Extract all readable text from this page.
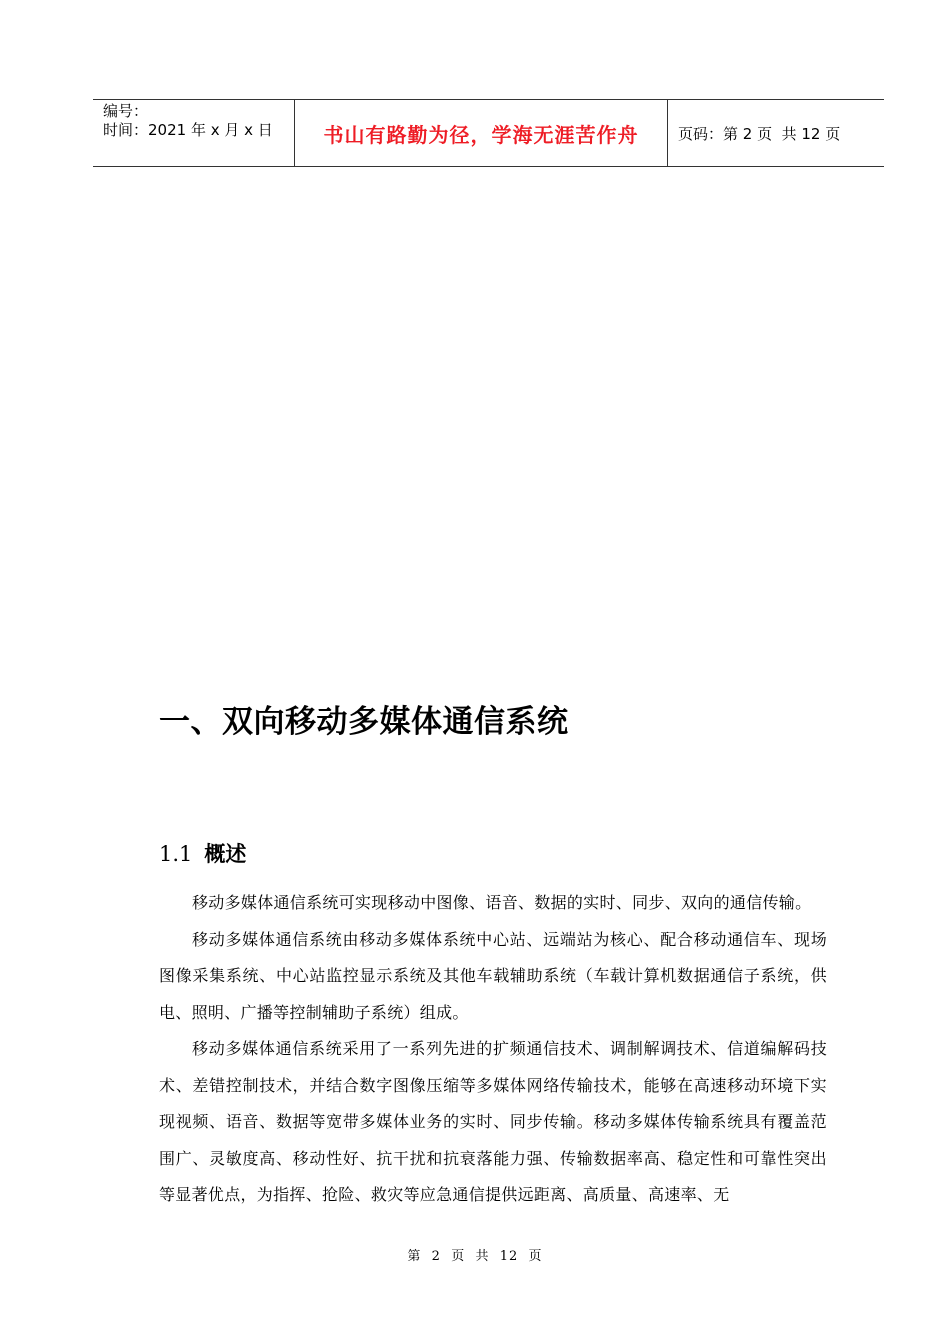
编号：
时间：2021 年 x 月 x 日	书山有路勤为径，学海无涯苦作舟	页码：第 2 页  共 12 页
一、双向移动多媒体通信系统
1.1 概述

移动多媒体通信系统可实现移动中图像、语音、数据的实时、同步、双向的通信传输。

移动多媒体通信系统由移动多媒体系统中心站、远端站为核心、配合移动通信车、现场图像采集系统、中心站监控显示系统及其他车载辅助系统（车载计算机数据通信子系统，供电、照明、广播等控制辅助子系统）组成。

移动多媒体通信系统采用了一系列先进的扩频通信技术、调制解调技术、信道编解码技术、差错控制技术，并结合数字图像压缩等多媒体网络传输技术，能够在高速移动环境下实现视频、语音、数据等宽带多媒体业务的实时、同步传输。移动多媒体传输系统具有覆盖范围广、灵敏度高、移动性好、抗干扰和抗衰落能力强、传输数据率高、稳定性和可靠性突出等显著优点，为指挥、抢险、救灾等应急通信提供远距离、高质量、高速率、无

第  2  页  共  12  页
